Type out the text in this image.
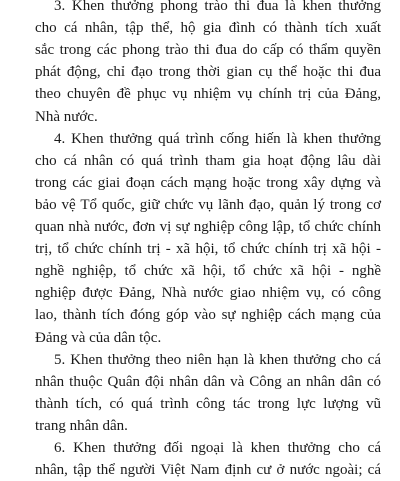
3. Khen thưởng phong trào thi đua là khen thưởng
cho cá nhân, tập thể, hộ gia đình có thành tích xuất
sắc trong các phong trào thi đua do cấp có thẩm quyền
phát động, chỉ đạo trong thời gian cụ thể hoặc thi đua
theo chuyên đề phục vụ nhiệm vụ chính trị của Đảng,
Nhà nước.
4. Khen thưởng quá trình cống hiến là khen thưởng
cho cá nhân có quá trình tham gia hoạt động lâu dài
trong các giai đoạn cách mạng hoặc trong xây dựng và
bảo vệ Tổ quốc, giữ chức vụ lãnh đạo, quản lý trong cơ
quan nhà nước, đơn vị sự nghiệp công lập, tổ chức chính
trị, tổ chức chính trị - xã hội, tổ chức chính trị xã hội -
nghề nghiệp, tổ chức xã hội, tổ chức xã hội - nghề
nghiệp được Đảng, Nhà nước giao nhiệm vụ, có công
lao, thành tích đóng góp vào sự nghiệp cách mạng của
Đảng và của dân tộc.
5. Khen thưởng theo niên hạn là khen thưởng cho cá
nhân thuộc Quân đội nhân dân và Công an nhân dân có
thành tích, có quá trình công tác trong lực lượng vũ
trang nhân dân.
6. Khen thưởng đối ngoại là khen thưởng cho cá
nhân, tập thể người Việt Nam định cư ở nước ngoài; cá
